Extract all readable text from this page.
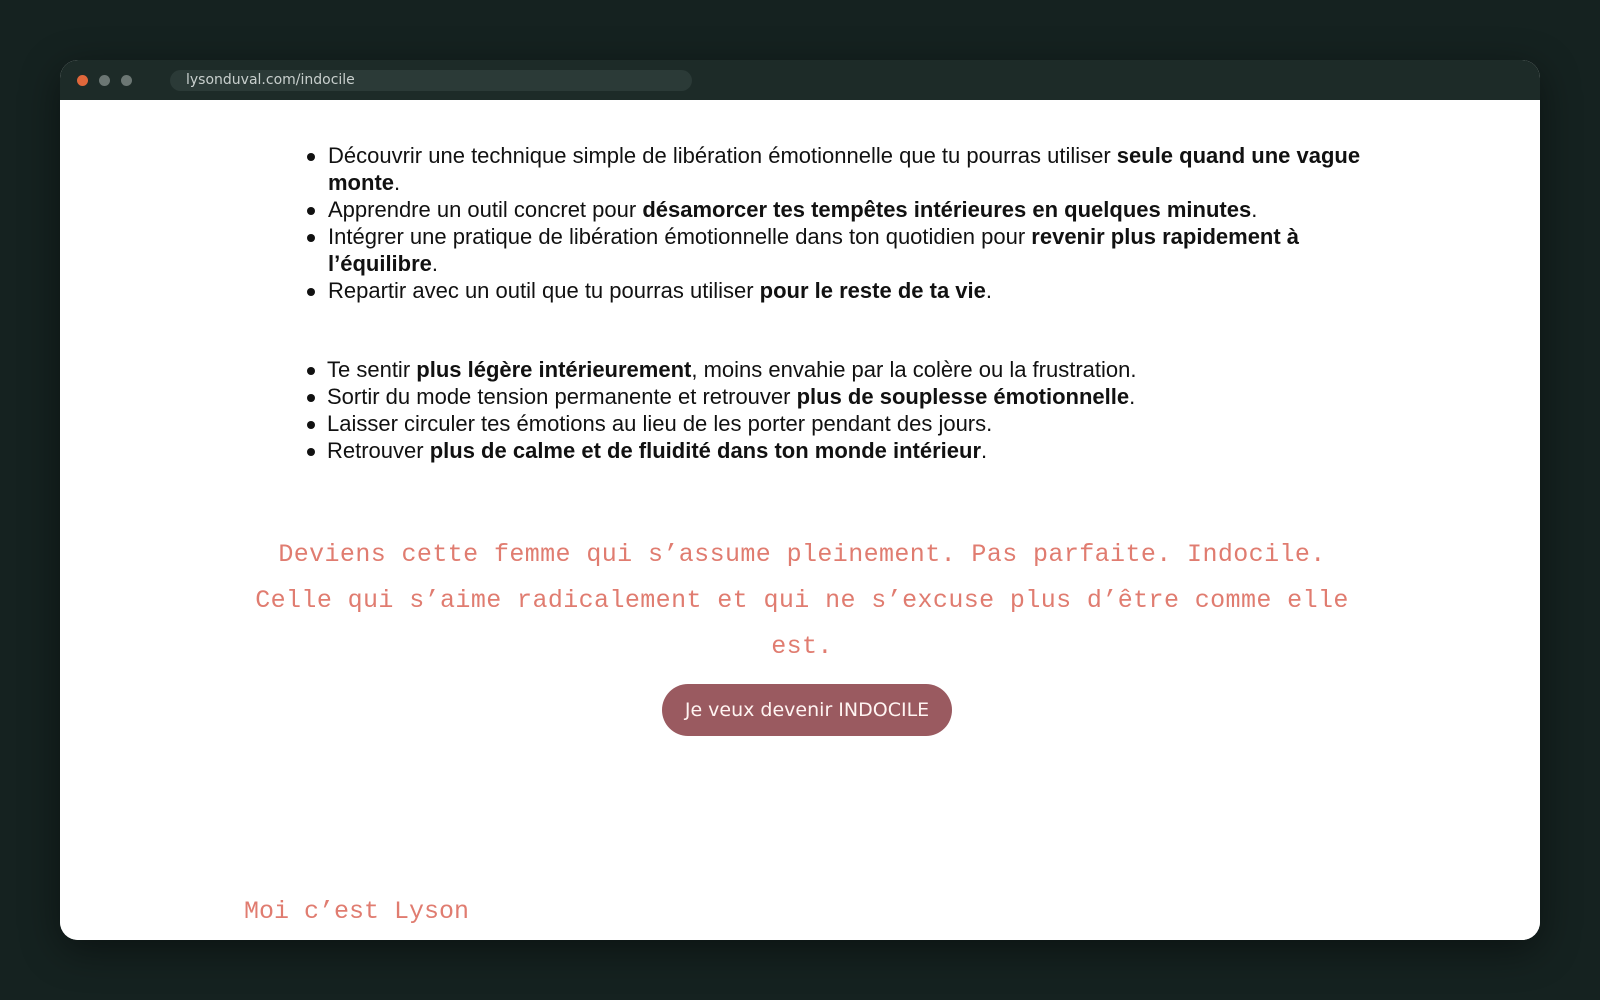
lysonduval.com/indocile
Découvrir une technique simple de libération émotionnelle que tu pourras utiliser seule quand une vague monte.
Apprendre un outil concret pour désamorcer tes tempêtes intérieures en quelques minutes.
Intégrer une pratique de libération émotionnelle dans ton quotidien pour revenir plus rapidement à l’équilibre.
Repartir avec un outil que tu pourras utiliser pour le reste de ta vie.
Te sentir plus légère intérieurement, moins envahie par la colère ou la frustration.
Sortir du mode tension permanente et retrouver plus de souplesse émotionnelle.
Laisser circuler tes émotions au lieu de les porter pendant des jours.
Retrouver plus de calme et de fluidité dans ton monde intérieur.
Deviens cette femme qui s’assume pleinement. Pas parfaite. Indocile. Celle qui s’aime radicalement et qui ne s’excuse plus d’être comme elle est.
Je veux devenir INDOCILE
Moi c’est Lyson
